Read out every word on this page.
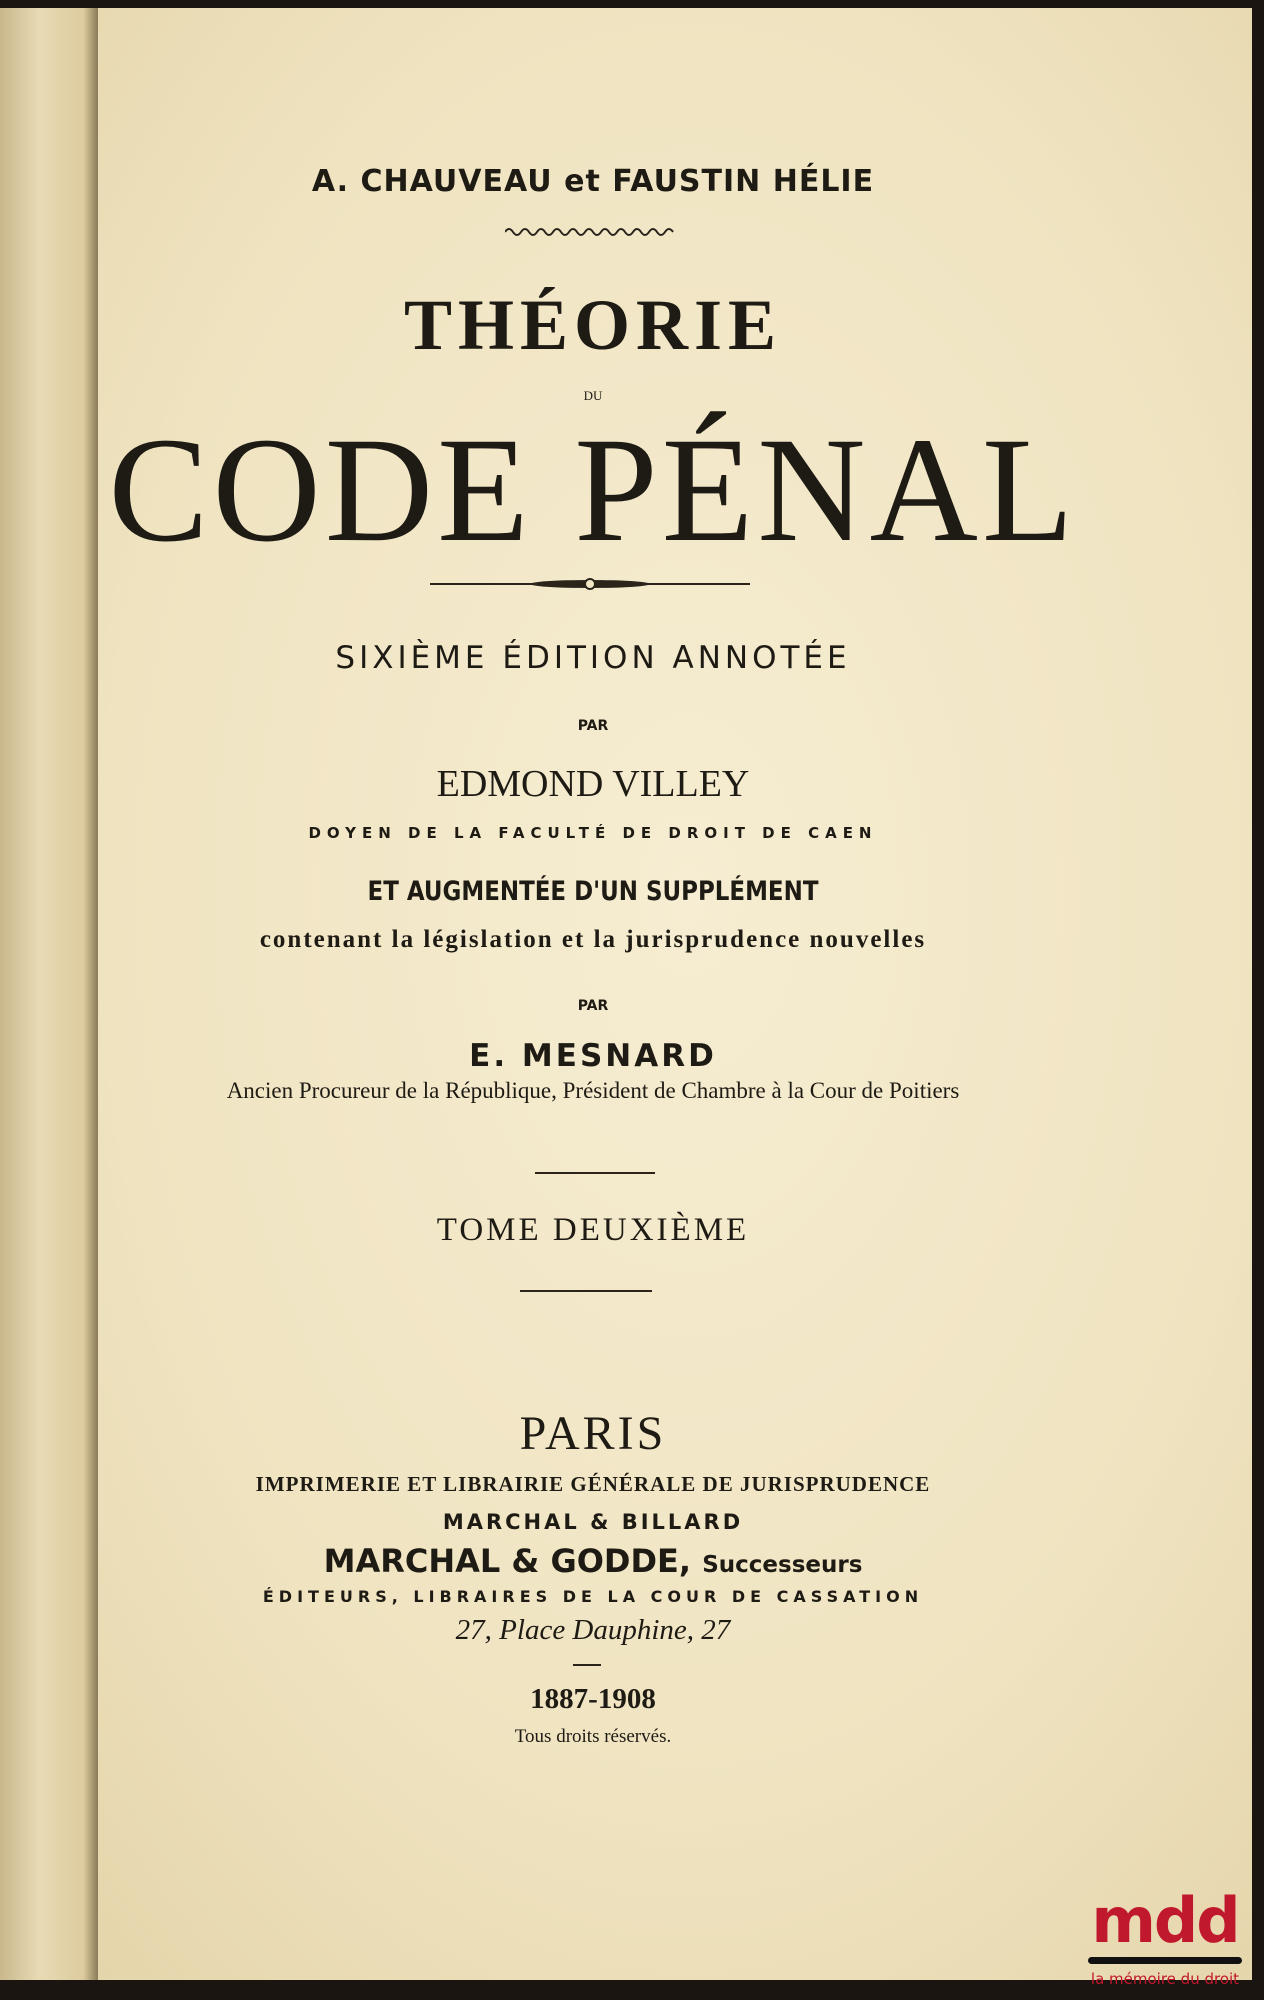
A. CHAUVEAU et FAUSTIN HÉLIE
THÉORIE
DU
CODE PÉNAL
SIXIÈME ÉDITION ANNOTÉE
PAR
EDMOND VILLEY
DOYEN DE LA FACULTÉ DE DROIT DE CAEN
ET AUGMENTÉE D'UN SUPPLÉMENT
contenant la législation et la jurisprudence nouvelles
PAR
E. MESNARD
Ancien Procureur de la République, Président de Chambre à la Cour de Poitiers
TOME DEUXIÈME
PARIS
IMPRIMERIE ET LIBRAIRIE GÉNÉRALE DE JURISPRUDENCE
MARCHAL & BILLARD
MARCHAL & GODDE, Successeurs
ÉDITEURS, LIBRAIRES DE LA COUR DE CASSATION
27, Place Dauphine, 27
1887-1908
Tous droits réservés.
mdd
la mémoire du droit
